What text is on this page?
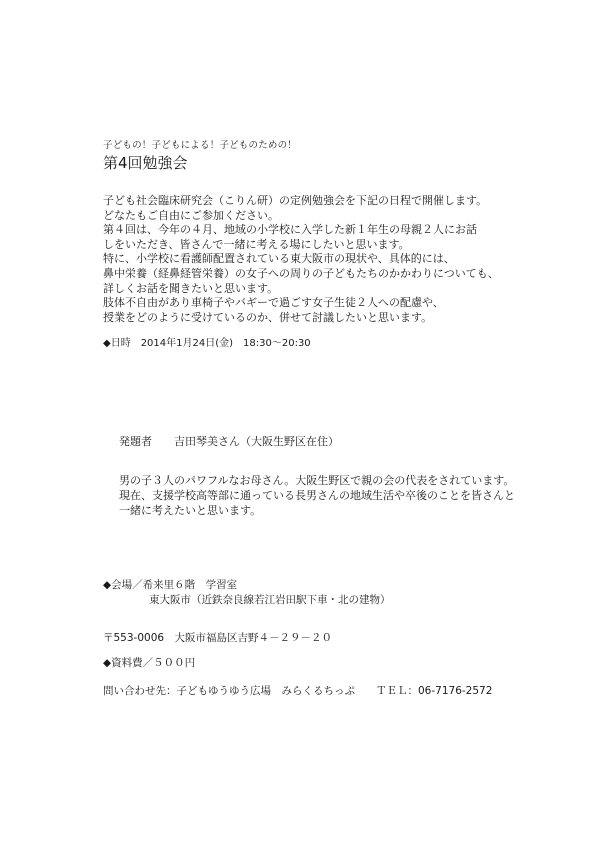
子どもの！子どもによる！子どものための！
第4回勉強会
子ども社会臨床研究会（こりん研）の定例勉強会を下記の日程で開催します。
どなたもご自由にご参加ください。
第４回は、今年の４月、地域の小学校に入学した新１年生の母親２人にお話
しをいただき、皆さんで一緒に考える場にしたいと思います。
特に、小学校に看護師配置されている東大阪市の現状や、具体的には、
鼻中栄養（経鼻経管栄養）の女子への周りの子どもたちのかかわりについても、
詳しくお話を聞きたいと思います。
肢体不自由があり車椅子やバギーで過ごす女子生徒２人への配慮や、
授業をどのように受けているのか、併せて討議したいと思います。
◆日時　2014年1月24日(金)　18:30〜20:30
発題者　　吉田琴美さん（大阪生野区在住）
男の子３人のパワフルなお母さん。大阪生野区で親の会の代表をされています。
現在、支援学校高等部に通っている長男さんの地域生活や卒後のことを皆さんと
一緒に考えたいと思います。
◆会場／希来里６階　学習室
東大阪市（近鉄奈良線若江岩田駅下車・北の建物）
〒553-0006　大阪市福島区吉野４－２９－２０
◆資料費／５００円
問い合わせ先：子どもゆうゆう広場　みらくるちっぷ　　ＴＥＬ：06-7176-2572
